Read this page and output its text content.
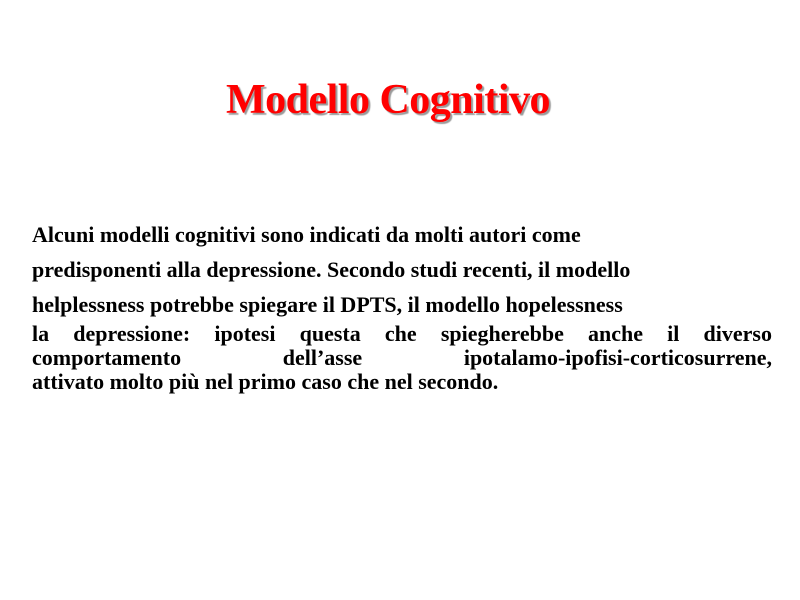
Modello Cognitivo
Alcuni modelli cognitivi sono indicati da molti autori come
predisponenti alla depressione. Secondo studi recenti, il modello
helplessness potrebbe spiegare il DPTS, il modello hopelessness
la depressione: ipotesi questa che spiegherebbe anche il diverso
comportamento dell’asse ipotalamo-ipofisi-corticosurrene,
attivato molto più nel primo caso che nel secondo.
